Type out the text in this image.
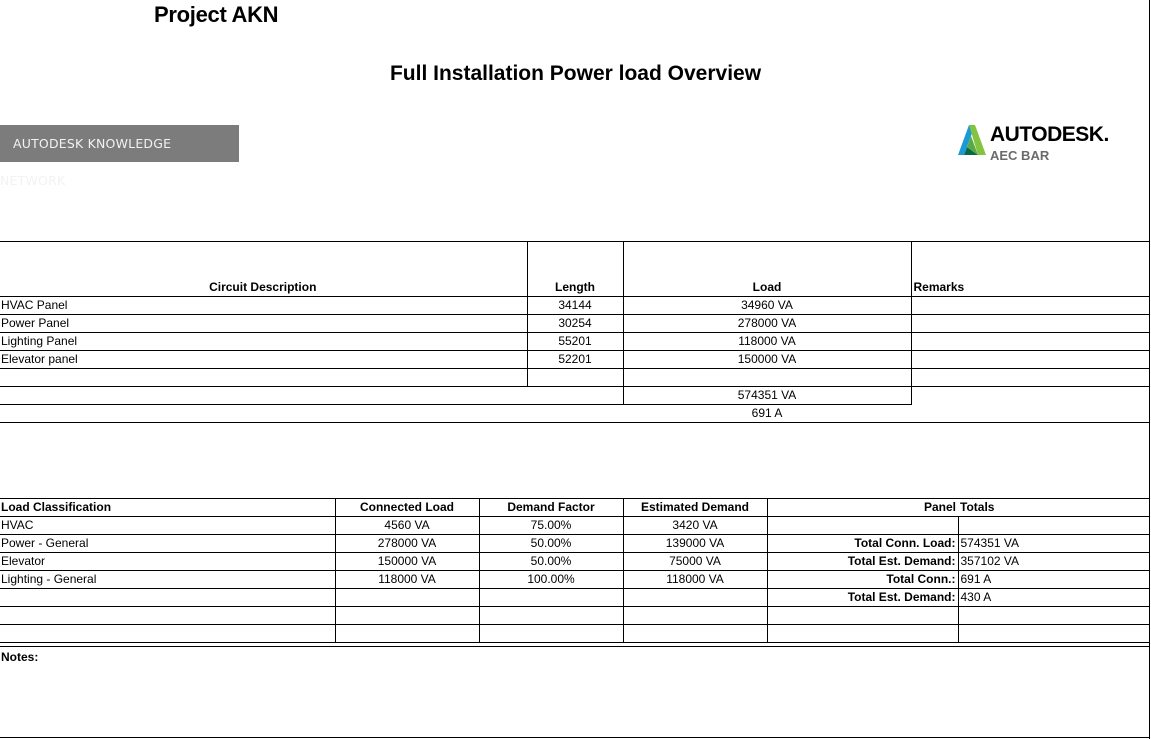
Project AKN
Full Installation Power load Overview
AUTODESK KNOWLEDGE NETWORK
AUTODESK.
AEC BAR
Circuit Description	Length	Load	Remarks
HVAC Panel	34144	34960 VA	
Power Panel	30254	278000 VA	
Lighting Panel	55201	118000 VA	
Elevator panel	52201	150000 VA	

		574351 VA	
		691 A	
Load Classification	Connected Load	Demand Factor	Estimated Demand	Panel	Totals
HVAC	4560 VA	75.00%	3420 VA		
Power - General	278000 VA	50.00%	139000 VA	Total Conn. Load:	574351 VA
Elevator	150000 VA	50.00%	75000 VA	Total Est. Demand:	357102 VA
Lighting - General	118000 VA	100.00%	118000 VA	Total Conn.:	691 A
				Total Est. Demand:	430 A

Notes:
